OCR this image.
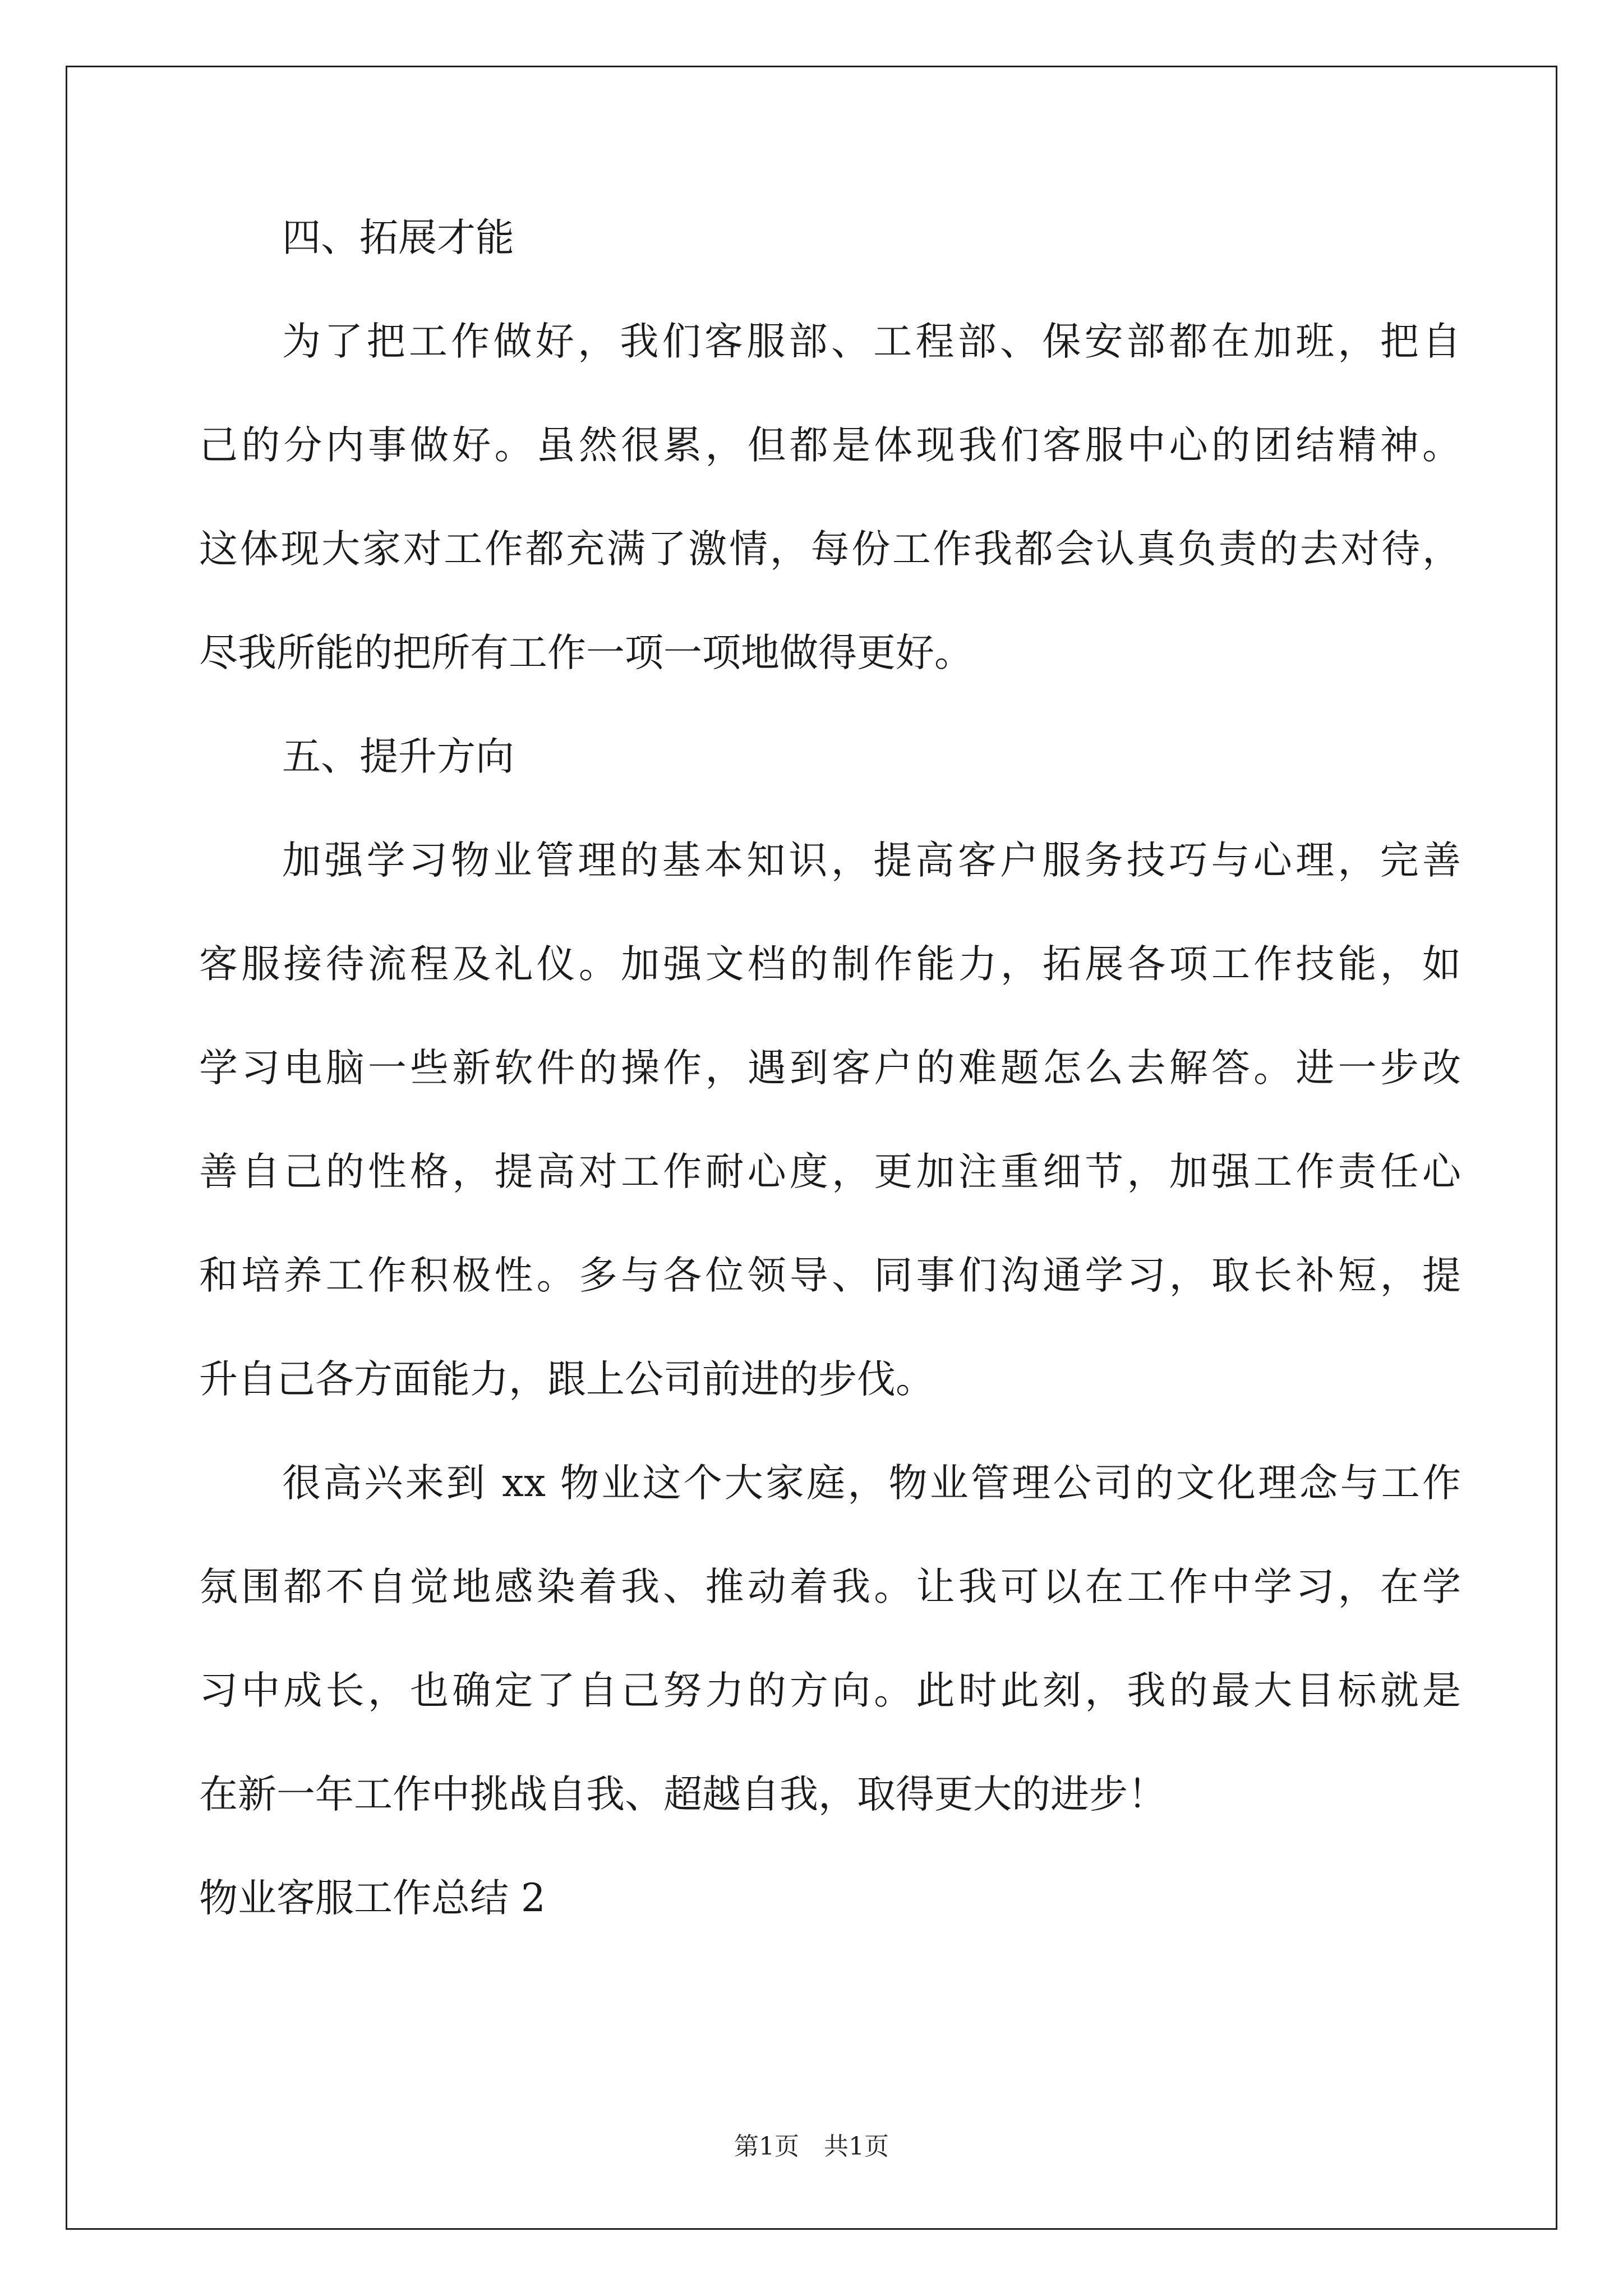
四、拓展才能
为了把工作做好，我们客服部、工程部、保安部都在加班，把自
己的分内事做好。虽然很累，但都是体现我们客服中心的团结精神。
这体现大家对工作都充满了激情，每份工作我都会认真负责的去对待，
尽我所能的把所有工作一项一项地做得更好。
五、提升方向
加强学习物业管理的基本知识，提高客户服务技巧与心理，完善
客服接待流程及礼仪。加强文档的制作能力，拓展各项工作技能，如
学习电脑一些新软件的操作，遇到客户的难题怎么去解答。进一步改
善自己的性格，提高对工作耐心度，更加注重细节，加强工作责任心
和培养工作积极性。多与各位领导、同事们沟通学习，取长补短，提
升自己各方面能力，跟上公司前进的步伐。
很高兴来到 xx 物业这个大家庭，物业管理公司的文化理念与工作
氛围都不自觉地感染着我、推动着我。让我可以在工作中学习，在学
习中成长，也确定了自己努力的方向。此时此刻，我的最大目标就是
在新一年工作中挑战自我、超越自我，取得更大的进步！
物业客服工作总结 2
第1页　共1页
